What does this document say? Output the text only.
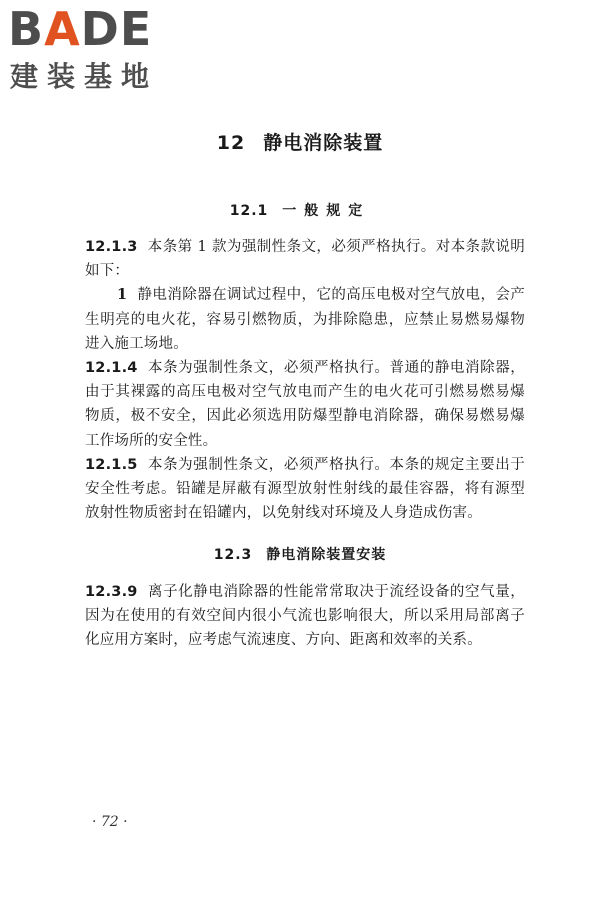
BADE
建装基地
12 静电消除装置
12.1 一般规定

12.1.3 本条第 1 款为强制性条文，必须严格执行。对本条款说明如下：

1 静电消除器在调试过程中，它的高压电极对空气放电，会产生明亮的电火花，容易引燃物质，为排除隐患，应禁止易燃易爆物进入施工场地。

12.1.4 本条为强制性条文，必须严格执行。普通的静电消除器，由于其裸露的高压电极对空气放电而产生的电火花可引燃易燃易爆物质，极不安全，因此必须选用防爆型静电消除器，确保易燃易爆工作场所的安全性。

12.1.5 本条为强制性条文，必须严格执行。本条的规定主要出于安全性考虑。铅罐是屏蔽有源型放射性射线的最佳容器，将有源型放射性物质密封在铅罐内，以免射线对环境及人身造成伤害。

12.3 静电消除装置安装

12.3.9 离子化静电消除器的性能常常取决于流经设备的空气量，因为在使用的有效空间内很小气流也影响很大，所以采用局部离子化应用方案时，应考虑气流速度、方向、距离和效率的关系。

· 72 ·
